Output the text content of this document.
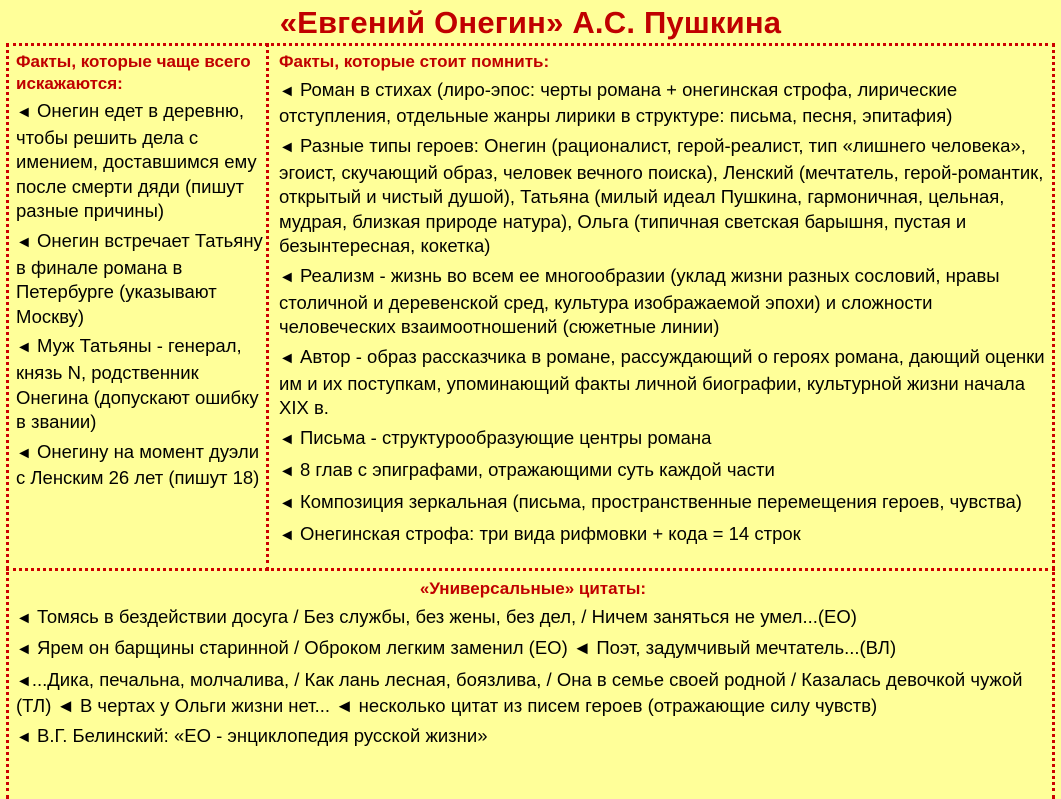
«Евгений Онегин» А.С. Пушкина
Факты, которые чаще всего искажаются:
◄ Онегин едет в деревню, чтобы решить дела с имением, доставшимся ему после смерти дяди (пишут разные причины)
◄ Онегин встречает Татьяну в финале романа в Петербурге (указывают Москву)
◄ Муж Татьяны - генерал, князь N, родственник Онегина (допускают ошибку в звании)
◄ Онегину на момент дуэли с Ленским 26 лет (пишут 18)
Факты, которые стоит помнить:
◄ Роман в стихах (лиро-эпос: черты романа + онегинская строфа, лирические отступления, отдельные жанры лирики в структуре: письма, песня, эпитафия)
◄ Разные типы героев: Онегин (рационалист, герой-реалист, тип «лишнего человека», эгоист, скучающий образ, человек вечного поиска), Ленский (мечтатель, герой-романтик, открытый и чистый душой), Татьяна (милый идеал Пушкина, гармоничная, цельная, мудрая, близкая природе натура), Ольга (типичная светская барышня, пустая и безынтересная, кокетка)
◄ Реализм - жизнь во всем ее многообразии (уклад жизни разных сословий, нравы столичной и деревенской сред, культура изображаемой эпохи) и сложности человеческих взаимоотношений (сюжетные линии)
◄ Автор - образ рассказчика в романе, рассуждающий о героях романа, дающий оценки им и их поступкам, упоминающий факты личной биографии, культурной жизни начала XIX в.
◄ Письма - структурообразующие центры романа
◄ 8 глав с эпиграфами, отражающими суть каждой части
◄ Композиция зеркальная (письма, пространственные перемещения героев, чувства)
◄ Онегинская строфа: три вида рифмовки + кода = 14 строк
«Универсальные» цитаты:
◄ Томясь в бездействии досуга / Без службы, без жены, без дел, / Ничем заняться не умел...(ЕО)
◄ Ярем он барщины старинной / Оброком легким заменил (ЕО) ◄ Поэт, задумчивый мечтатель...(ВЛ)
◄...Дика, печальна, молчалива, / Как лань лесная, боязлива, / Она в семье своей родной / Казалась девочкой чужой (ТЛ) ◄ В чертах у Ольги жизни нет... ◄ несколько цитат из писем героев (отражающие силу чувств)
◄ В.Г. Белинский: «ЕО - энциклопедия русской жизни»
